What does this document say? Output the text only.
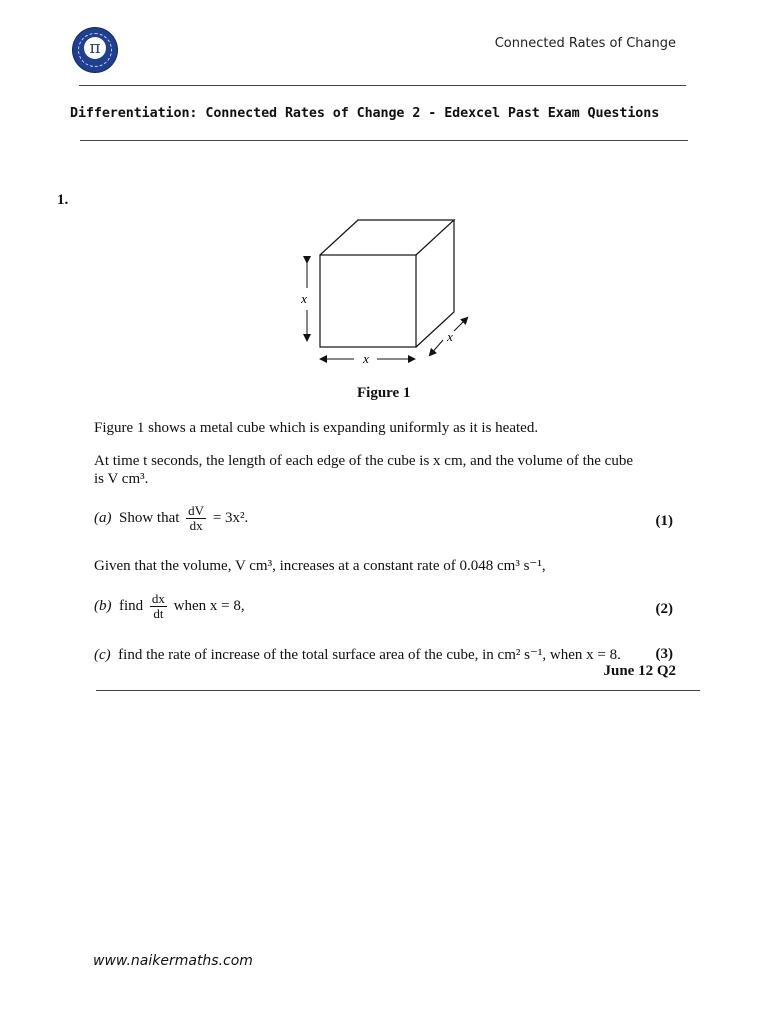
π	Connected Rates of Change
Differentiation: Connected Rates of Change 2 - Edexcel Past Exam Questions
1.
x
x
x
Figure 1
Figure 1 shows a metal cube which is expanding uniformly as it is heated.
At time t seconds, the length of each edge of the cube is x cm, and the volume of the cube
is V cm³.
(a) Show that $\frac{dV}{dx} = 3x^2$.	(1)
Given that the volume, V cm³, increases at a constant rate of 0.048 cm³ s⁻¹,
(b) find $\frac{dx}{dt}$ when x = 8,	(2)
(c) find the rate of increase of the total surface area of the cube, in cm² s⁻¹, when x = 8. (3)
June 12 Q2
www.naikermaths.com
